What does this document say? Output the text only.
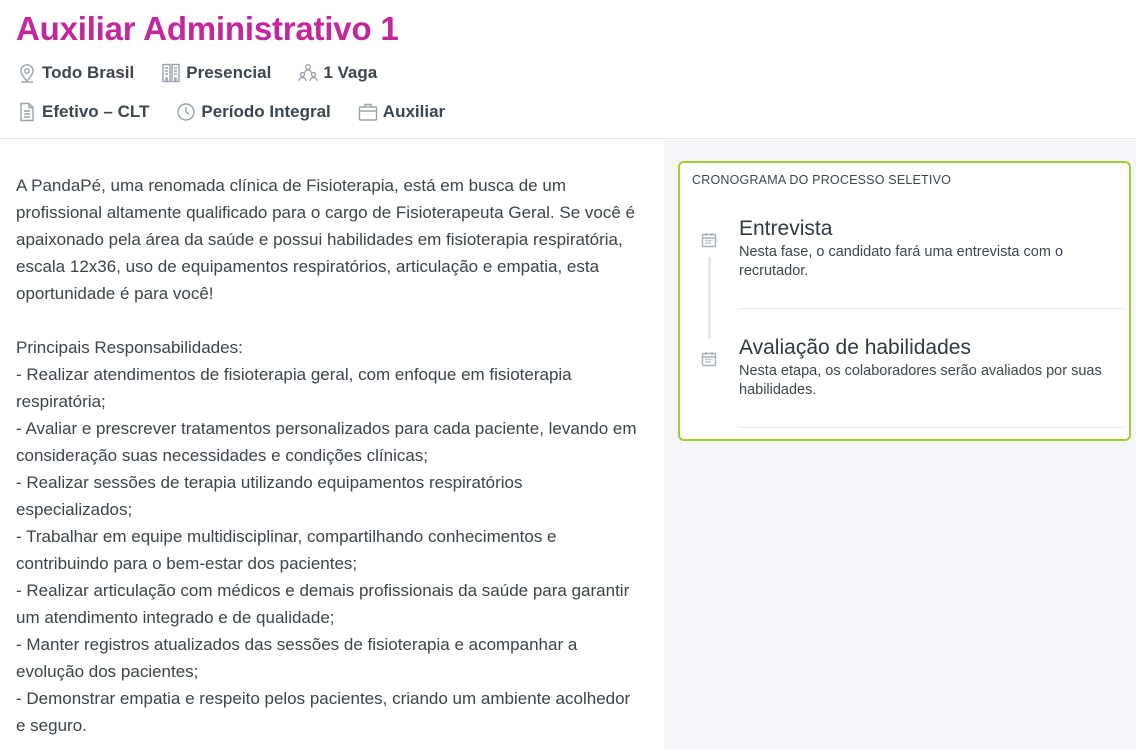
Auxiliar Administrativo 1
Todo Brasil	Presencial	1 Vaga
Efetivo – CLT	Período Integral	Auxiliar
A PandaPé, uma renomada clínica de Fisioterapia, está em busca de um profissional altamente qualificado para o cargo de Fisioterapeuta Geral. Se você é apaixonado pela área da saúde e possui habilidades em fisioterapia respiratória, escala 12x36, uso de equipamentos respiratórios, articulação e empatia, esta oportunidade é para você!

Principais Responsabilidades:
- Realizar atendimentos de fisioterapia geral, com enfoque em fisioterapia respiratória;
- Avaliar e prescrever tratamentos personalizados para cada paciente, levando em consideração suas necessidades e condições clínicas;
- Realizar sessões de terapia utilizando equipamentos respiratórios especializados;
- Trabalhar em equipe multidisciplinar, compartilhando conhecimentos e contribuindo para o bem-estar dos pacientes;
- Realizar articulação com médicos e demais profissionais da saúde para garantir um atendimento integrado e de qualidade;
- Manter registros atualizados das sessões de fisioterapia e acompanhar a evolução dos pacientes;
- Demonstrar empatia e respeito pelos pacientes, criando um ambiente acolhedor e seguro.
CRONOGRAMA DO PROCESSO SELETIVO
Entrevista
Nesta fase, o candidato fará uma entrevista com o recrutador.
Avaliação de habilidades
Nesta etapa, os colaboradores serão avaliados por suas habilidades.
